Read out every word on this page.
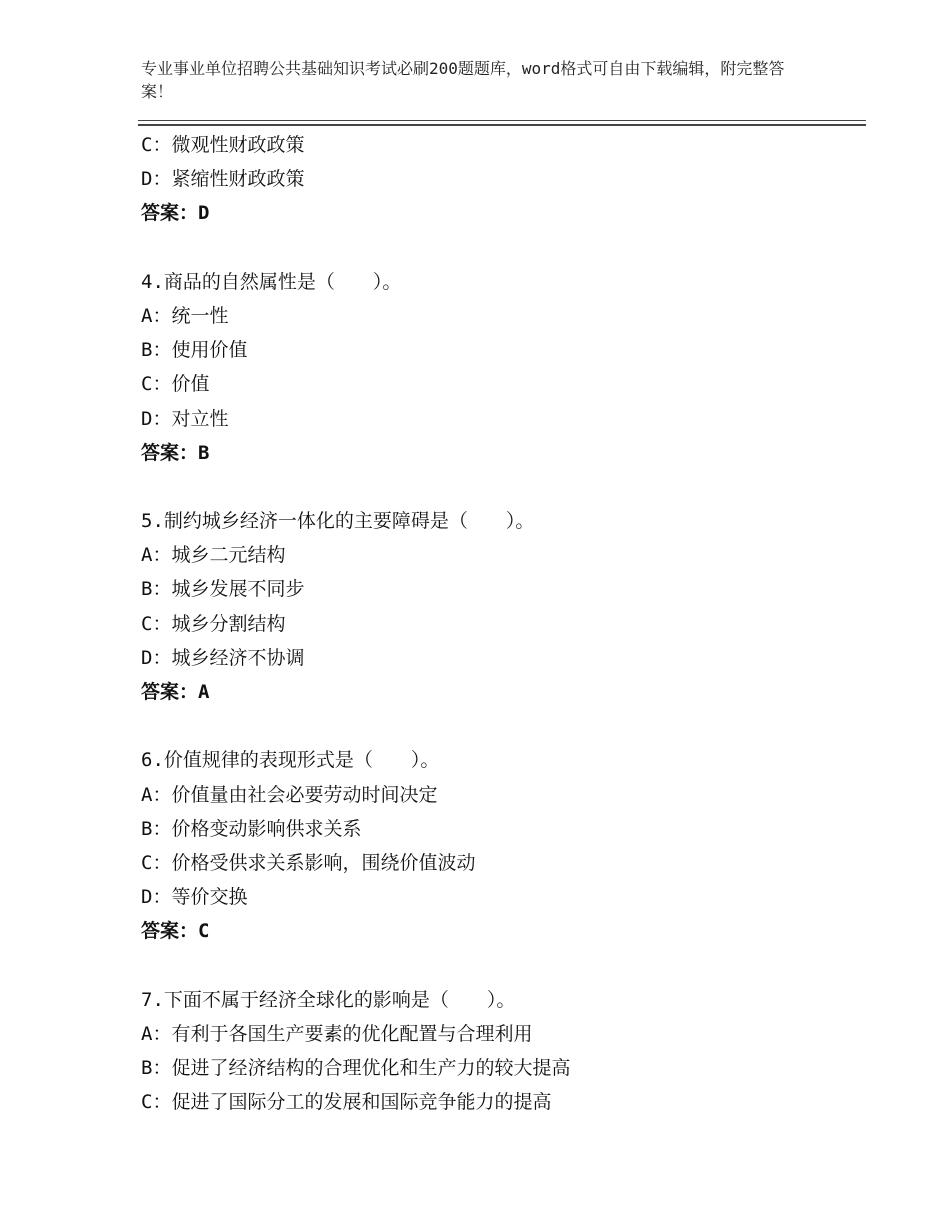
专业事业单位招聘公共基础知识考试必刷200题题库，word格式可自由下载编辑，附完整答案！
C：微观性财政政策
D：紧缩性财政政策
答案：D
4.商品的自然属性是（　　）。
A：统一性
B：使用价值
C：价值
D：对立性
答案：B
5.制约城乡经济一体化的主要障碍是（　　）。
A：城乡二元结构
B：城乡发展不同步
C：城乡分割结构
D：城乡经济不协调
答案：A
6.价值规律的表现形式是（　　）。
A：价值量由社会必要劳动时间决定
B：价格变动影响供求关系
C：价格受供求关系影响，围绕价值波动
D：等价交换
答案：C
7.下面不属于经济全球化的影响是（　　）。
A：有利于各国生产要素的优化配置与合理利用
B：促进了经济结构的合理优化和生产力的较大提高
C：促进了国际分工的发展和国际竞争能力的提高
